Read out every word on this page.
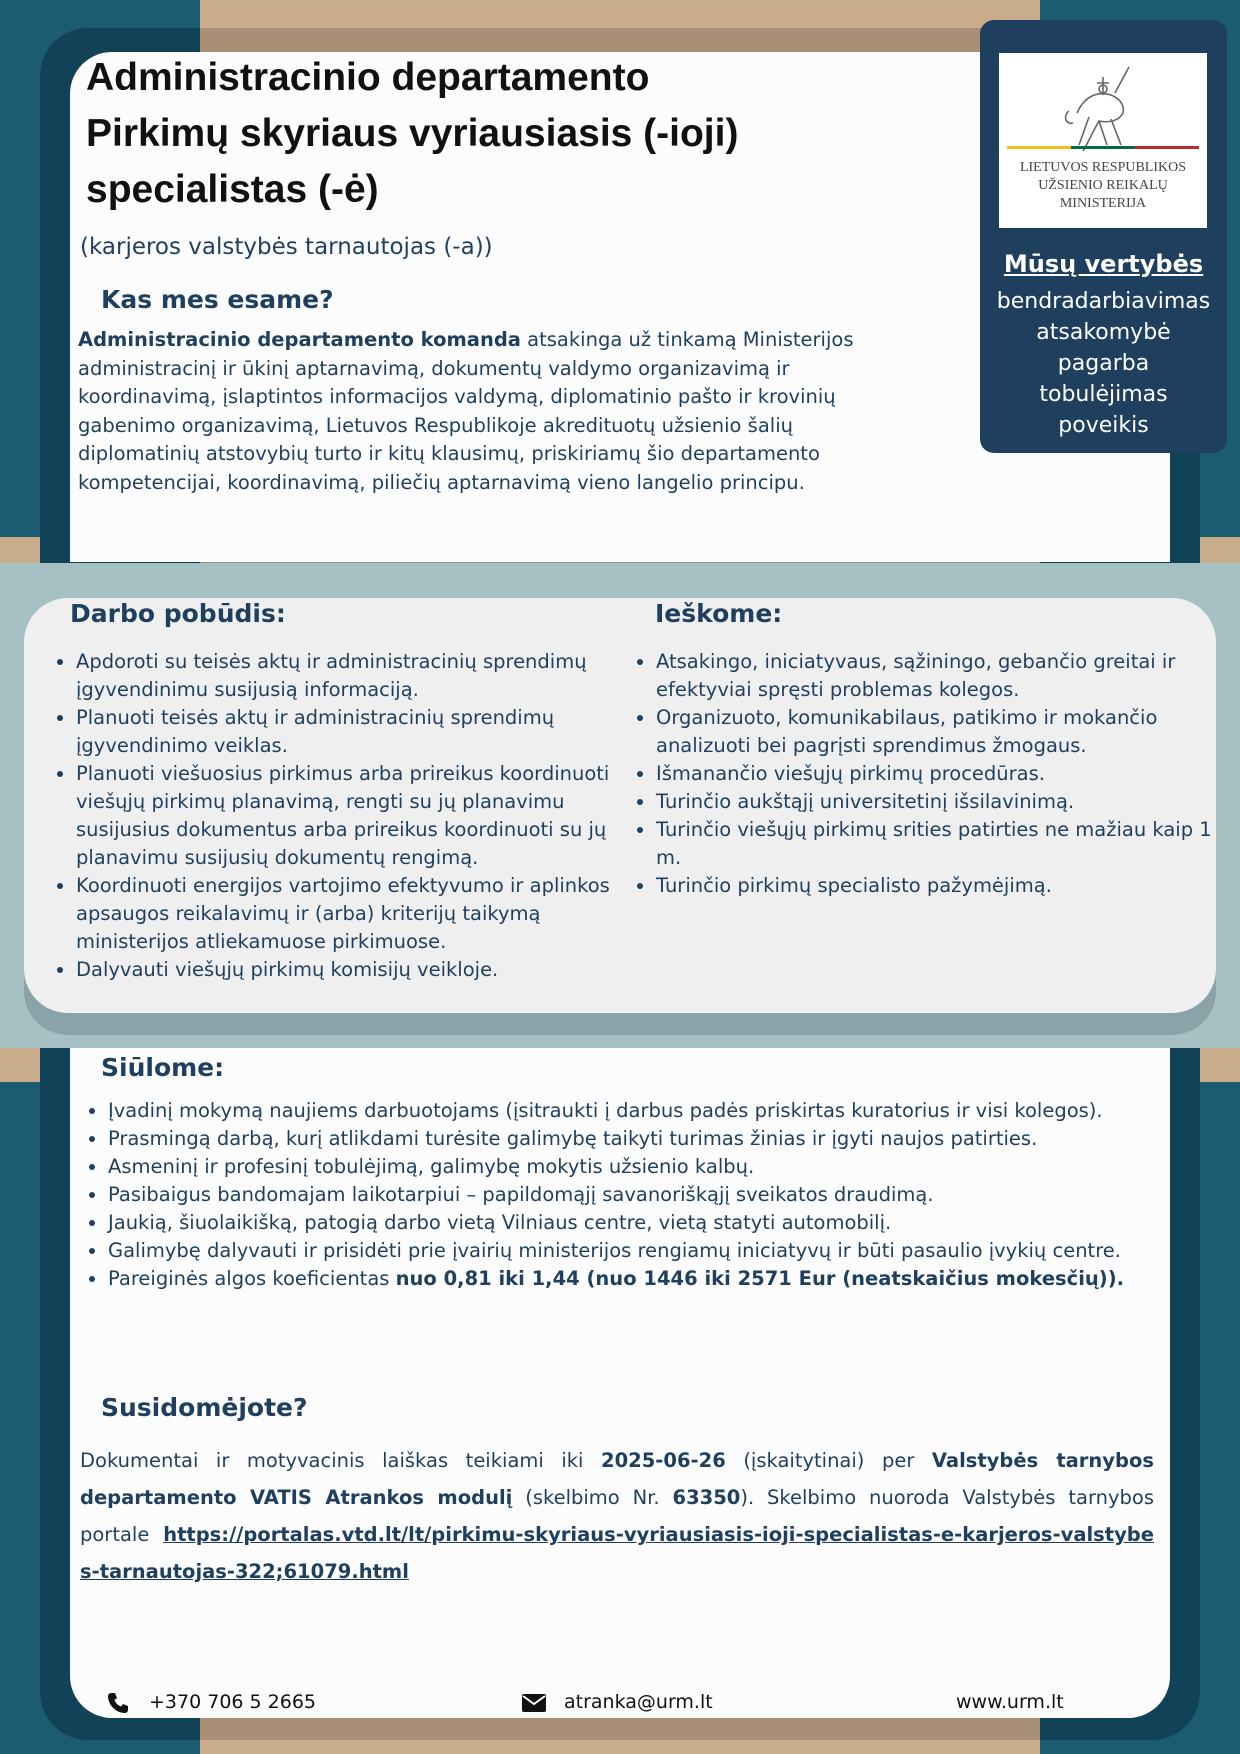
LIETUVOS RESPUBLIKOS
UŽSIENIO REIKALŲ
MINISTERIJA
Mūsų vertybės
bendradarbiavimas
atsakomybė
pagarba
tobulėjimas
poveikis
Administracinio departamento
Pirkimų skyriaus vyriausiasis (-ioji)
specialistas (-ė)
(karjeros valstybės tarnautojas (-a))
Kas mes esame?

Administracinio departamento komanda atsakinga už tinkamą Ministerijos administracinį ir ūkinį aptarnavimą, dokumentų valdymo organizavimą ir koordinavimą, įslaptintos informacijos valdymą, diplomatinio pašto ir krovinių gabenimo organizavimą, Lietuvos Respublikoje akredituotų užsienio šalių diplomatinių atstovybių turto ir kitų klausimų, priskiriamų šio departamento kompetencijai, koordinavimą, piliečių aptarnavimą vieno langelio principu.

Darbo pobūdis:
• Apdoroti su teisės aktų ir administracinių sprendimų įgyvendinimu susijusią informaciją.
• Planuoti teisės aktų ir administracinių sprendimų įgyvendinimo veiklas.
• Planuoti viešuosius pirkimus arba prireikus koordinuoti viešųjų pirkimų planavimą, rengti su jų planavimu susijusius dokumentus arba prireikus koordinuoti su jų planavimu susijusių dokumentų rengimą.
• Koordinuoti energijos vartojimo efektyvumo ir aplinkos apsaugos reikalavimų ir (arba) kriterijų taikymą ministerijos atliekamuose pirkimuose.
• Dalyvauti viešųjų pirkimų komisijų veikloje.
Ieškome:
• Atsakingo, iniciatyvaus, sąžiningo, gebančio greitai ir efektyviai spręsti problemas kolegos.
• Organizuoto, komunikabilaus, patikimo ir mokančio analizuoti bei pagrįsti sprendimus žmogaus.
• Išmanančio viešųjų pirkimų procedūras.
• Turinčio aukštąjį universitetinį išsilavinimą.
• Turinčio viešųjų pirkimų srities patirties ne mažiau kaip 1 m.
• Turinčio pirkimų specialisto pažymėjimą.
Siūlome:
• Įvadinį mokymą naujiems darbuotojams (įsitraukti į darbus padės priskirtas kuratorius ir visi kolegos).
• Prasmingą darbą, kurį atlikdami turėsite galimybę taikyti turimas žinias ir įgyti naujos patirties.
• Asmeninį ir profesinį tobulėjimą, galimybę mokytis užsienio kalbų.
• Pasibaigus bandomajam laikotarpiui – papildomąjį savanoriškąjį sveikatos draudimą.
• Jaukią, šiuolaikišką, patogią darbo vietą Vilniaus centre, vietą statyti automobilį.
• Galimybę dalyvauti ir prisidėti prie įvairių ministerijos rengiamų iniciatyvų ir būti pasaulio įvykių centre.
• Pareiginės algos koeficientas nuo 0,81 iki 1,44 (nuo 1446 iki 2571 Eur (neatskaičius mokesčių)).
Susidomėjote?

Dokumentai ir motyvacinis laiškas teikiami iki 2025-06-26 (įskaitytinai) per Valstybės tarnybos departamento VATIS Atrankos modulį (skelbimo Nr. 63350). Skelbimo nuoroda Valstybės tarnybos portale https://portalas.vtd.lt/lt/pirkimu-skyriaus-vyriausiasis-ioji-specialistas-e-karjeros-valstybes-tarnautojas-322;61079.html

+370 706 5 2665	atranka@urm.lt	www.urm.lt
